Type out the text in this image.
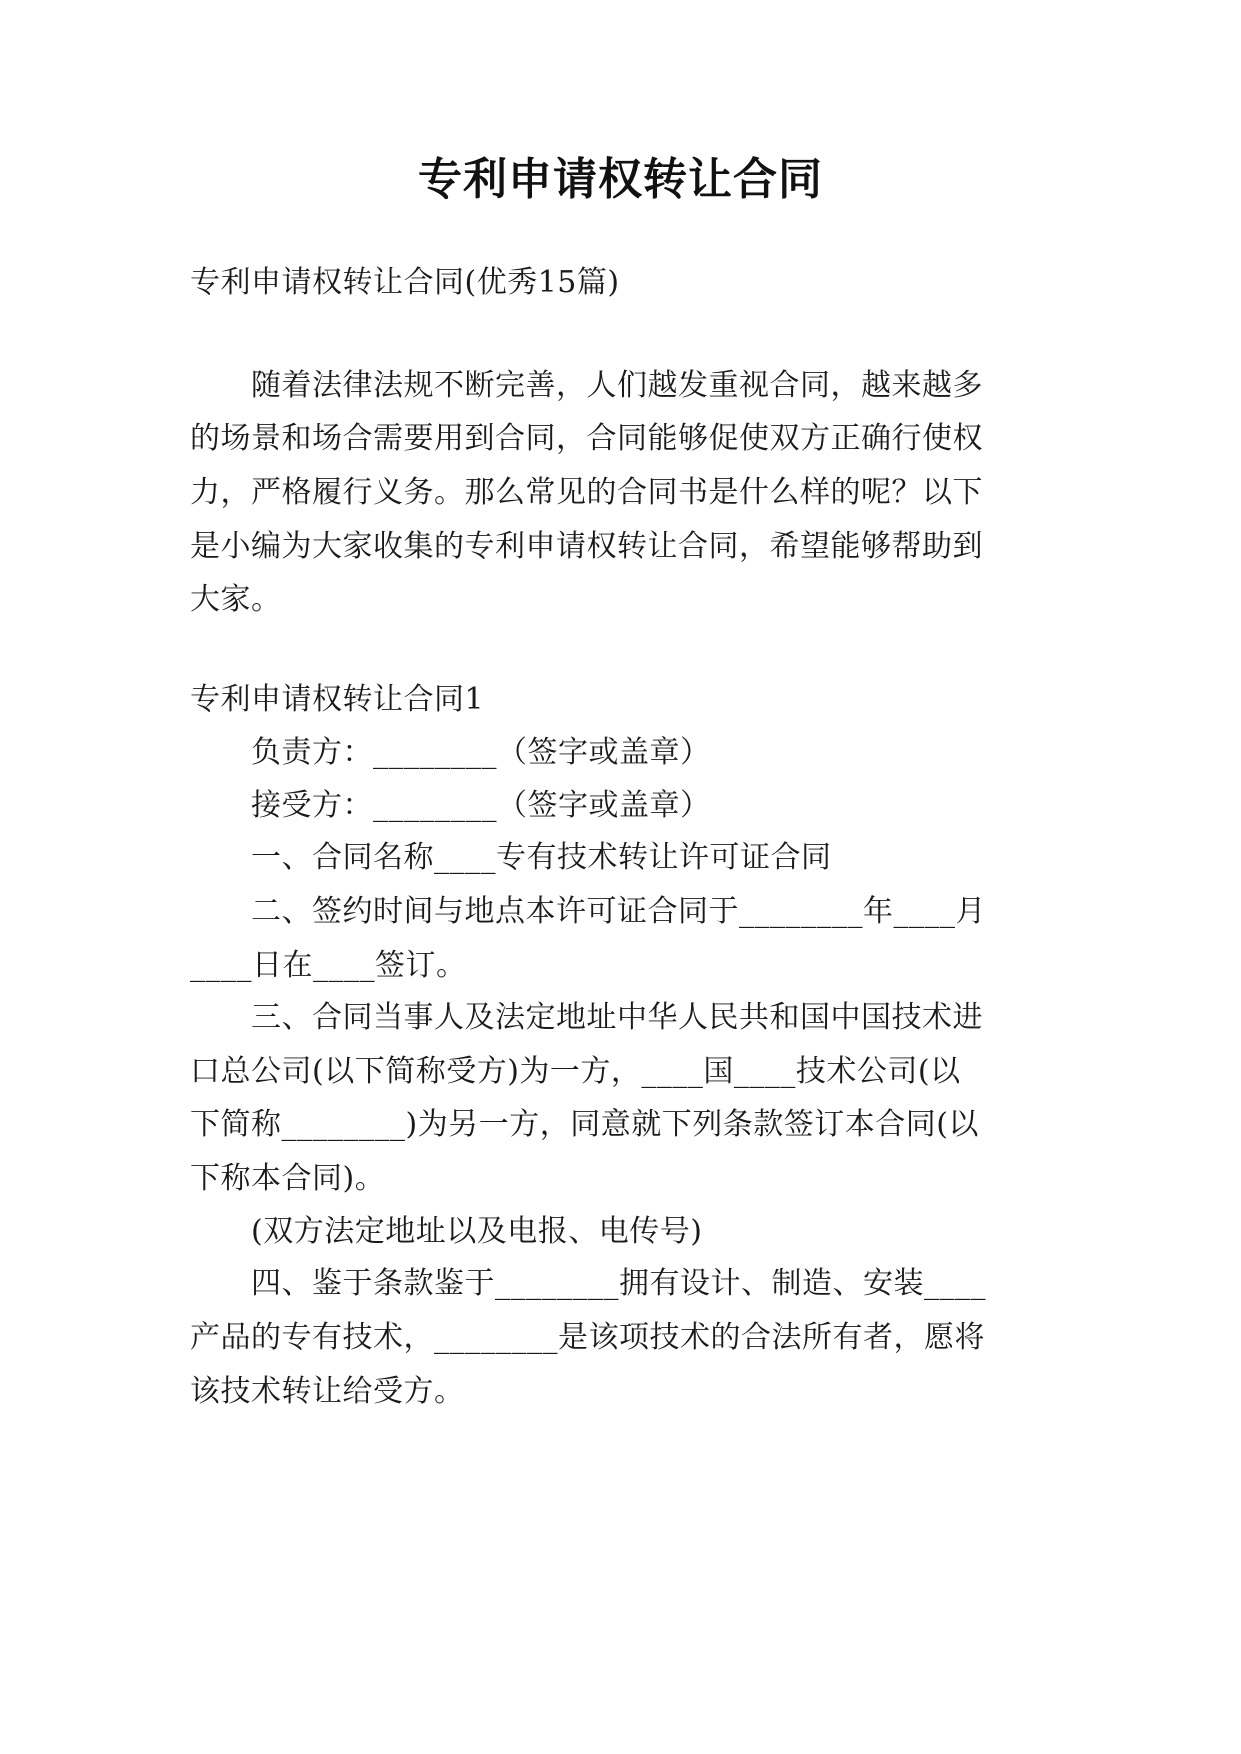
专利申请权转让合同
专利申请权转让合同(优秀15篇)
　　随着法律法规不断完善，人们越发重视合同，越来越多
的场景和场合需要用到合同，合同能够促使双方正确行使权
力，严格履行义务。那么常见的合同书是什么样的呢？以下
是小编为大家收集的专利申请权转让合同，希望能够帮助到
大家。
专利申请权转让合同1
　　负责方：________（签字或盖章）
　　接受方：________（签字或盖章）
　　一、合同名称____专有技术转让许可证合同
　　二、签约时间与地点本许可证合同于________年____月
____日在____签订。
　　三、合同当事人及法定地址中华人民共和国中国技术进
口总公司(以下简称受方)为一方，____国____技术公司(以
下简称________)为另一方，同意就下列条款签订本合同(以
下称本合同)。
　　(双方法定地址以及电报、电传号)
　　四、鉴于条款鉴于________拥有设计、制造、安装____
产品的专有技术，________是该项技术的合法所有者，愿将
该技术转让给受方。
